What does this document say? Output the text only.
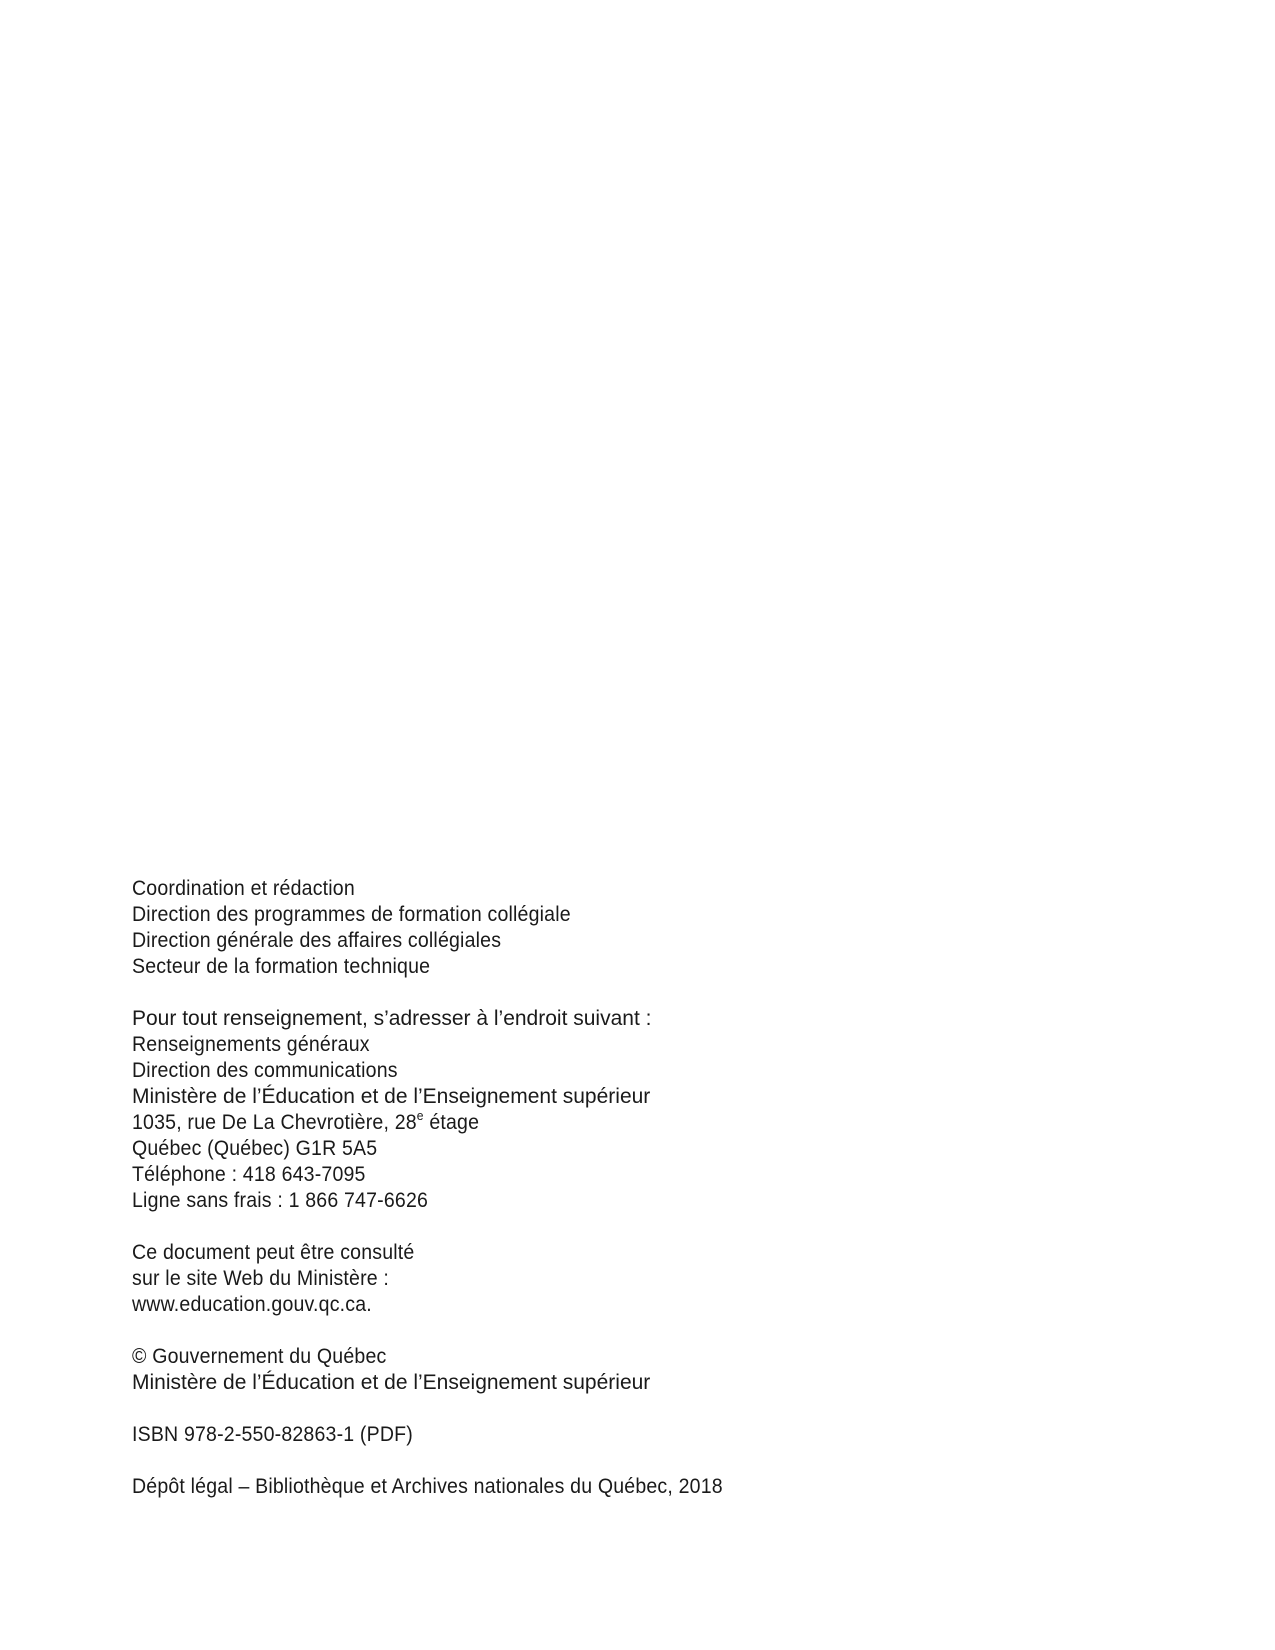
Coordination et rédaction
Direction des programmes de formation collégiale
Direction générale des affaires collégiales
Secteur de la formation technique
Pour tout renseignement, s’adresser à l’endroit suivant :
Renseignements généraux
Direction des communications
Ministère de l’Éducation et de l’Enseignement supérieur
1035, rue De La Chevrotière, 28e étage
Québec (Québec) G1R 5A5
Téléphone : 418 643-7095
Ligne sans frais : 1 866 747-6626
Ce document peut être consulté
sur le site Web du Ministère :
www.education.gouv.qc.ca.
© Gouvernement du Québec
Ministère de l’Éducation et de l’Enseignement supérieur
ISBN 978-2-550-82863-1 (PDF)
Dépôt légal – Bibliothèque et Archives nationales du Québec, 2018
